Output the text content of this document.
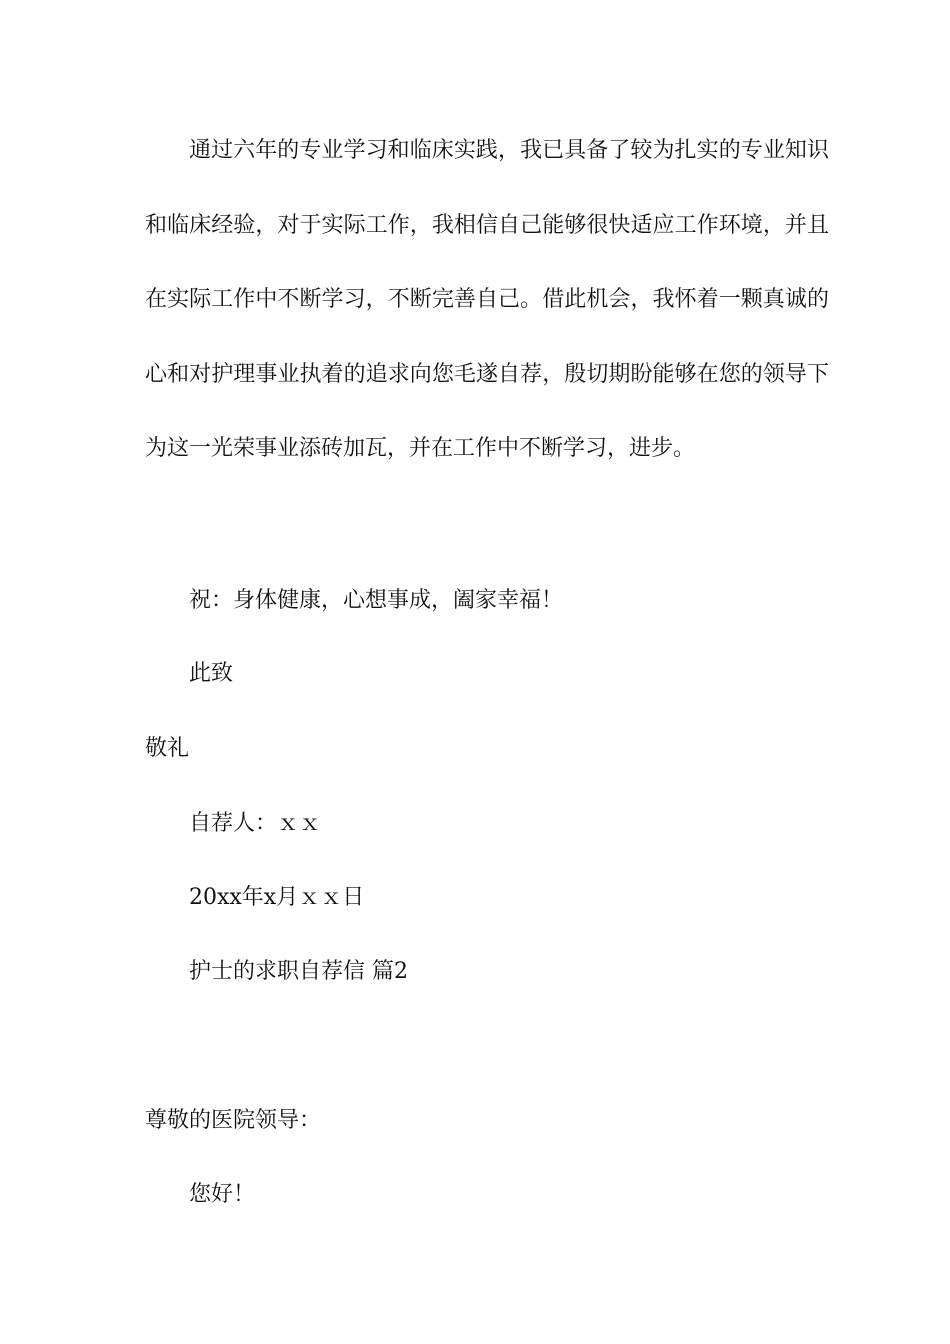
通过六年的专业学习和临床实践，我已具备了较为扎实的专业知识和临床经验，对于实际工作，我相信自己能够很快适应工作环境，并且在实际工作中不断学习，不断完善自己。借此机会，我怀着一颗真诚的心和对护理事业执着的追求向您毛遂自荐，殷切期盼能够在您的领导下为这一光荣事业添砖加瓦，并在工作中不断学习，进步。

祝：身体健康，心想事成，阖家幸福！

此致

敬礼

自荐人：ｘｘ

20xx年x月ｘｘ日

护士的求职自荐信 篇2

尊敬的医院领导：

您好！
